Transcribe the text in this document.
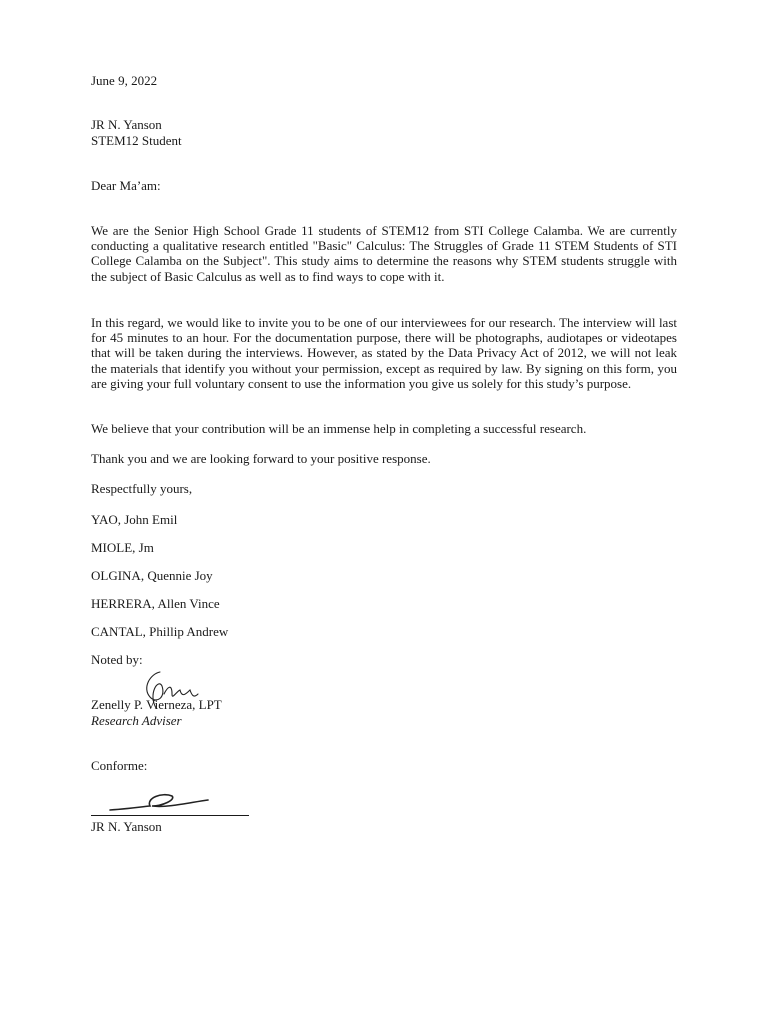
June 9, 2022
JR N. Yanson
STEM12 Student
Dear Ma’am:
We are the Senior High School Grade 11 students of STEM12 from STI College Calamba. We are currently conducting a qualitative research entitled "Basic" Calculus: The Struggles of Grade 11 STEM Students of STI College Calamba on the Subject". This study aims to determine the reasons why STEM students struggle with the subject of Basic Calculus as well as to find ways to cope with it.
In this regard, we would like to invite you to be one of our interviewees for our research. The interview will last for 45 minutes to an hour. For the documentation purpose, there will be photographs, audiotapes or videotapes that will be taken during the interviews. However, as stated by the Data Privacy Act of 2012, we will not leak the materials that identify you without your permission, except as required by law. By signing on this form, you are giving your full voluntary consent to use the information you give us solely for this study’s purpose.
We believe that your contribution will be an immense help in completing a successful research.
Thank you and we are looking forward to your positive response.
Respectfully yours,
YAO, John Emil
MIOLE, Jm
OLGINA, Quennie Joy
HERRERA, Allen Vince
CANTAL, Phillip Andrew
Noted by:
Zenelly P. Vierneza, LPT
Research Adviser
Conforme:
JR N. Yanson
